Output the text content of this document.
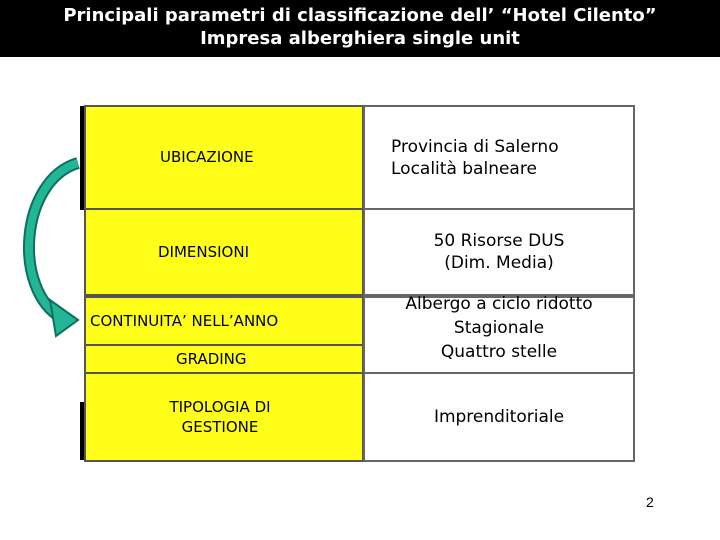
Principali parametri di classificazione dell’ “Hotel Cilento”
Impresa alberghiera single unit
UBICAZIONE	Provincia di Salerno
Località balneare
DIMENSIONI
50 Risorse DUS
(Dim. Media)
CONTINUITA’ NELL’ANNO
GRADING
Albergo a ciclo ridotto
Stagionale
Quattro stelle
TIPOLOGIA DI
GESTIONE	Imprenditoriale
2
